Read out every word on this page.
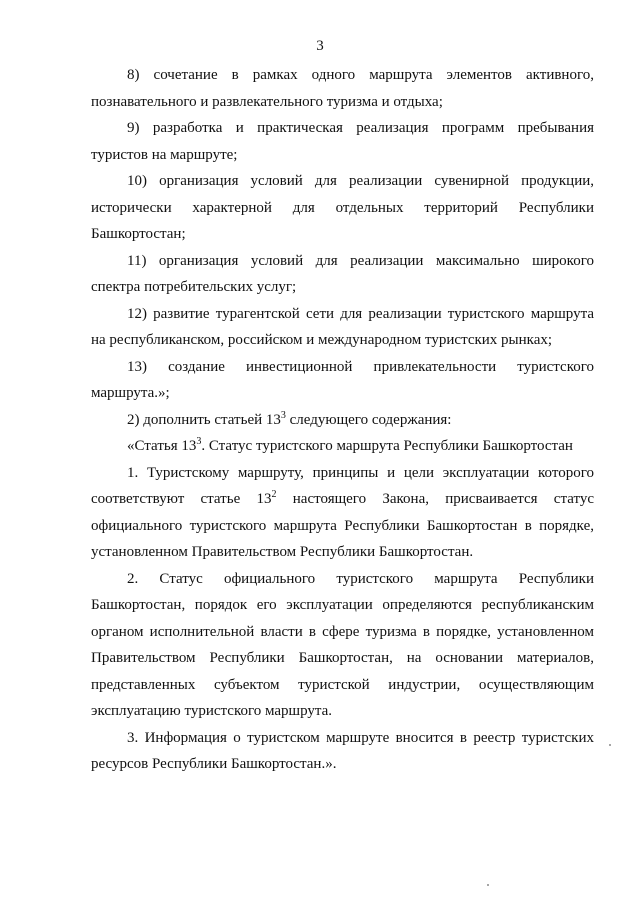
3

8) сочетание в рамках одного маршрута элементов активного, познавательного и развлекательного туризма и отдыха;

9) разработка и практическая реализация программ пребывания туристов на маршруте;

10) организация условий для реализации сувенирной продукции, исторически характерной для отдельных территорий Республики Башкортостан;

11) организация условий для реализации максимально широкого спектра потребительских услуг;

12) развитие турагентской сети для реализации туристского маршрута на республиканском, российском и международном туристских рынках;

13) создание инвестиционной привлекательности туристского маршрута.»;

2) дополнить статьей $13^3$ следующего содержания:

«Статья $13^3$. Статус туристского маршрута Республики Башкортостан

1. Туристскому маршруту, принципы и цели эксплуатации которого соответствуют статье $13^2$ настоящего Закона, присваивается статус официального туристского маршрута Республики Башкортостан в порядке, установленном Правительством Республики Башкортостан.

2. Статус официального туристского маршрута Республики Башкортостан, порядок его эксплуатации определяются республиканским органом исполнительной власти в сфере туризма в порядке, установленном Правительством Республики Башкортостан, на основании материалов, представленных субъектом туристской индустрии, осуществляющим эксплуатацию туристского маршрута.

3. Информация о туристском маршруте вносится в реестр туристских ресурсов Республики Башкортостан.».
